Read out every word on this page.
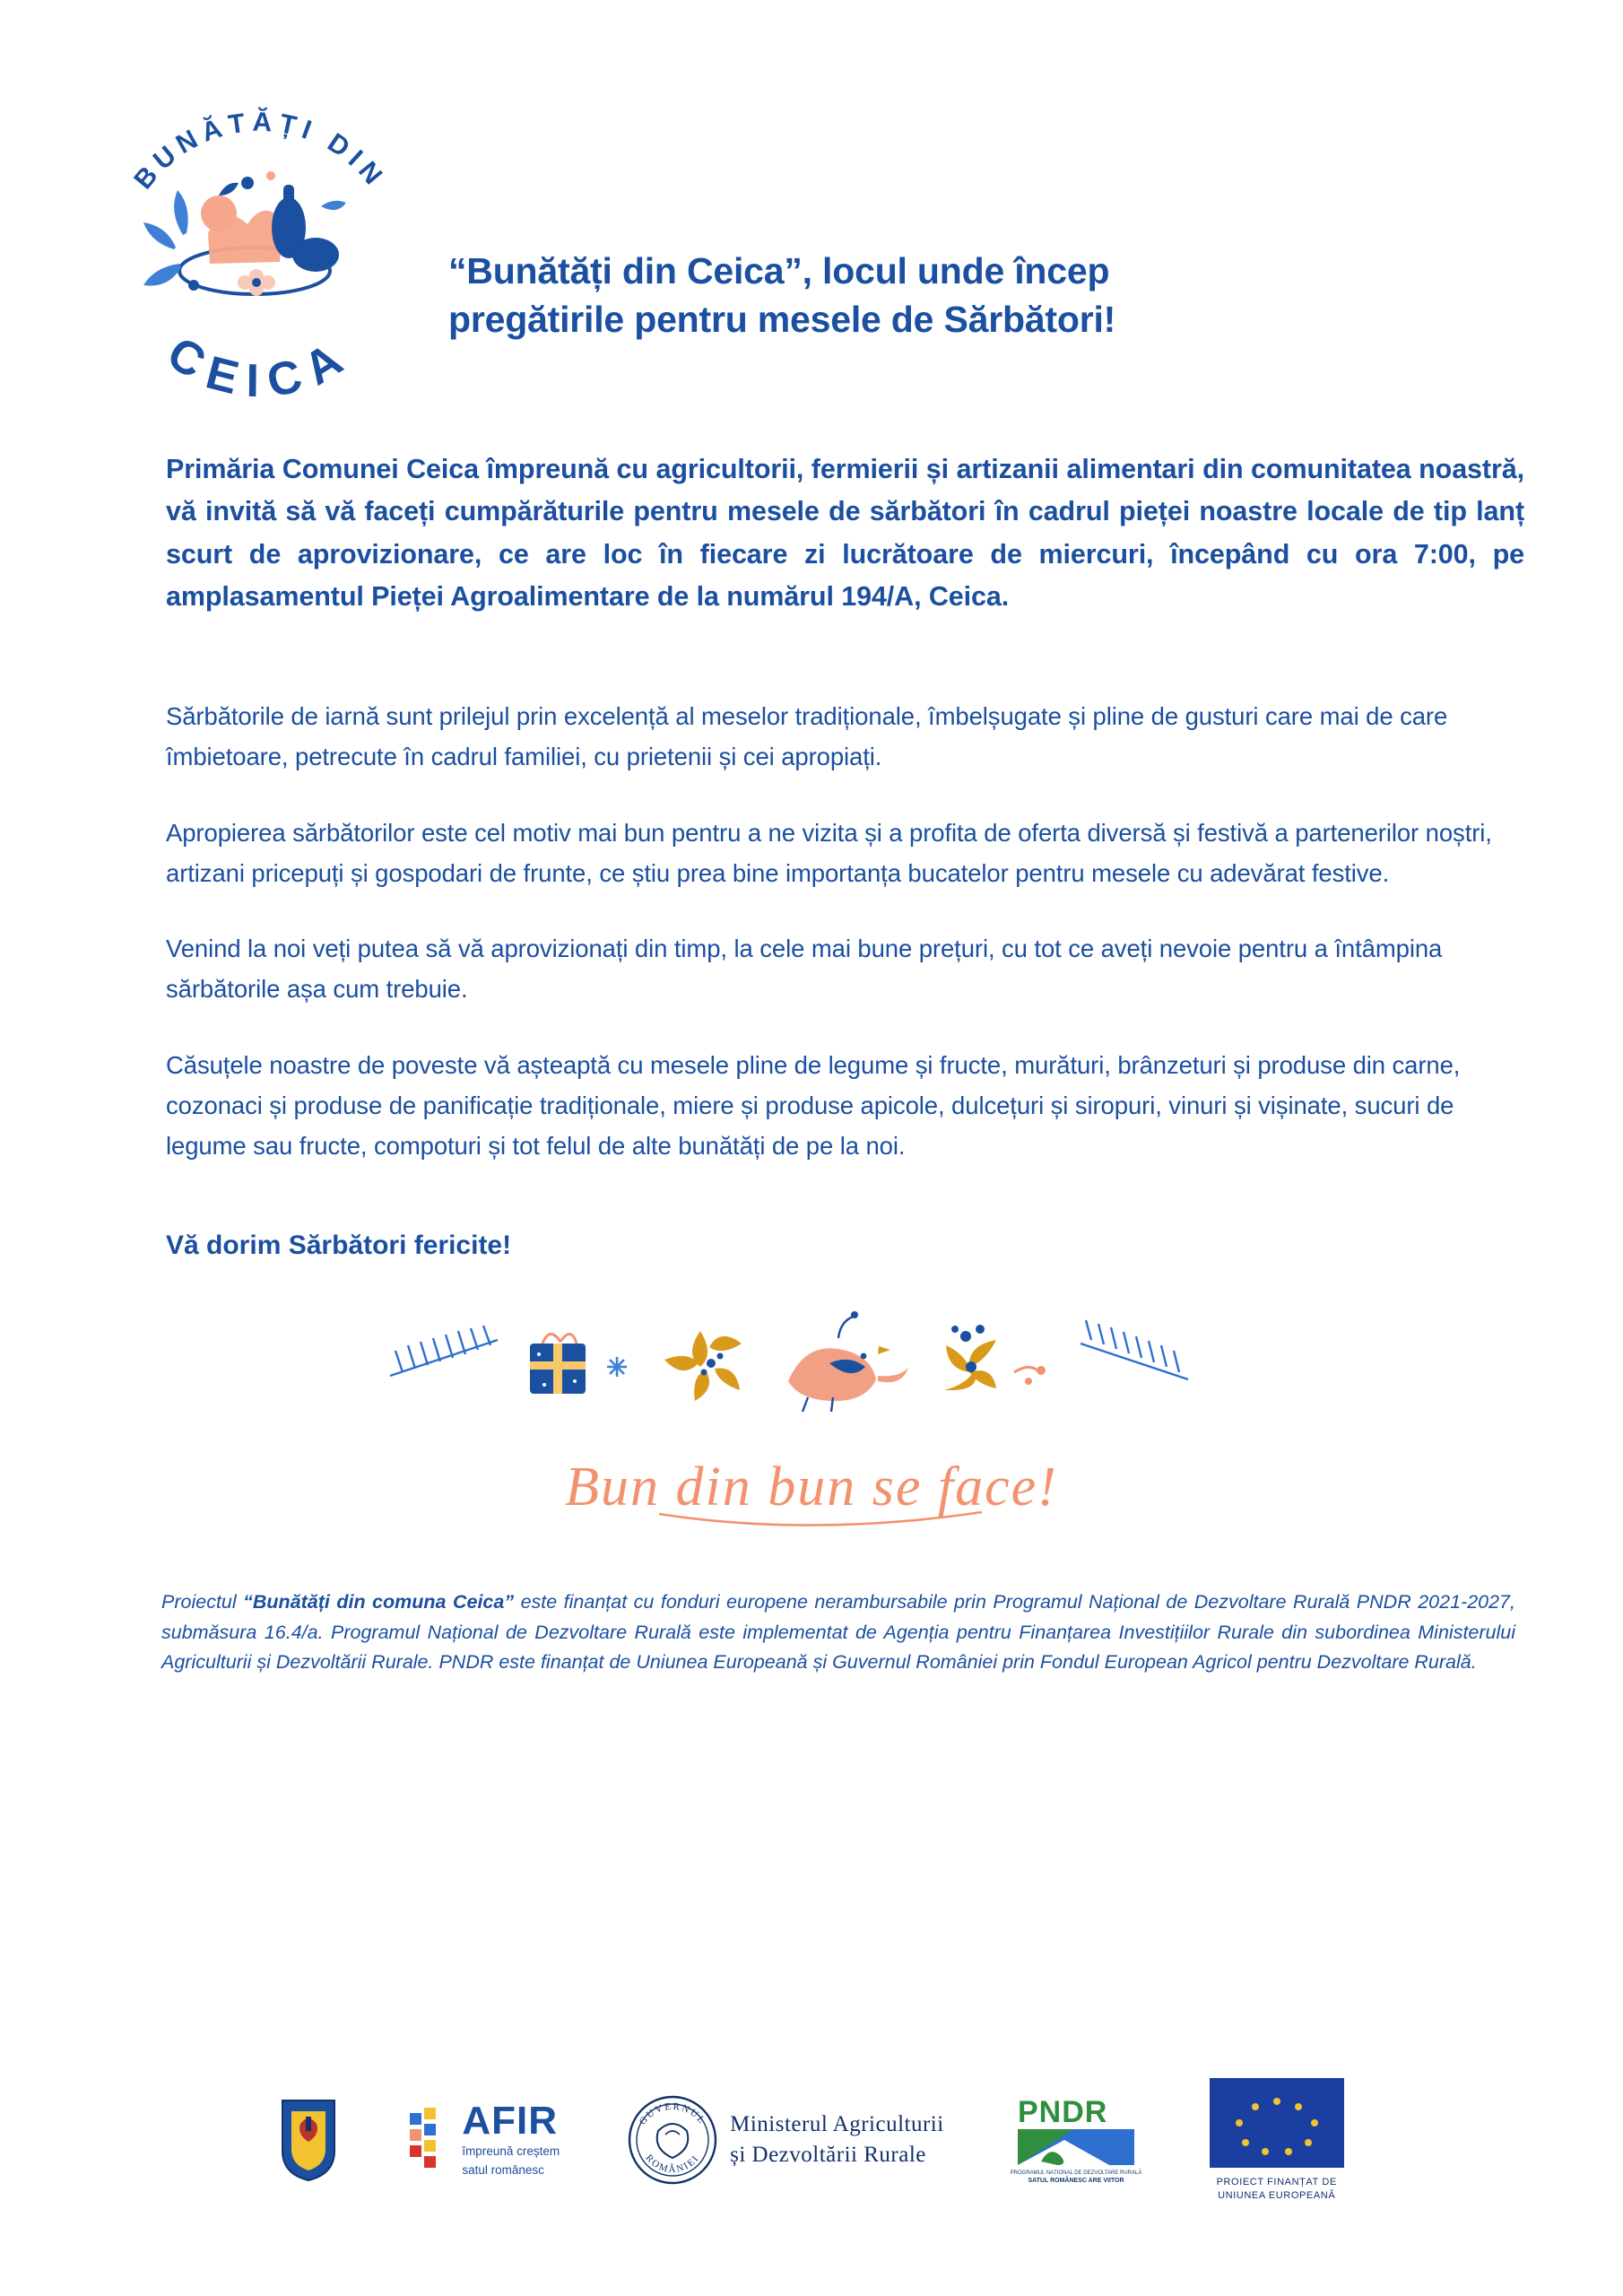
BUNĂTĂȚI DIN
CEICA
“Bunătăți din Ceica”, locul unde încep
pregătirile pentru mesele de Sărbători!

Primăria Comunei Ceica împreună cu agricultorii, fermierii și artizanii alimentari din comunitatea noastră, vă invită să vă faceți cumpărăturile pentru mesele de sărbători în cadrul pieței noastre locale de tip lanț scurt de aprovizionare, ce are loc în fiecare zi lucrătoare de miercuri, începând cu ora 7:00, pe amplasamentul Pieței Agroalimentare de la numărul 194/A, Ceica.

Sărbătorile de iarnă sunt prilejul prin excelență al meselor tradiționale, îmbelșugate și pline de gusturi care mai de care îmbietoare, petrecute în cadrul familiei, cu prietenii și cei apropiați.

Apropierea sărbătorilor este cel motiv mai bun pentru a ne vizita și a profita de oferta diversă și festivă a partenerilor noștri, artizani pricepuți și gospodari de frunte, ce știu prea bine importanța bucatelor pentru mesele cu adevărat festive.

Venind la noi veți putea să vă aprovizionați din timp, la cele mai bune prețuri, cu tot ce aveți nevoie pentru a întâmpina sărbătorile așa cum trebuie.

Căsuțele noastre de poveste vă așteaptă cu mesele pline de legume și fructe, murături, brânzeturi și produse din carne, cozonaci și produse de panificație tradiționale, miere și produse apicole, dulcețuri și siropuri, vinuri și vișinate, sucuri de legume sau fructe, compoturi și tot felul de alte bunătăți de pe la noi.

Vă dorim Sărbători fericite!
Bun din bun se face!

Proiectul “Bunătăți din comuna Ceica” este finanțat cu fonduri europene nerambursabile prin Programul Național de Dezvoltare Rurală PNDR 2021-2027, submăsura 16.4/a. Programul Național de Dezvoltare Rurală este implementat de Agenția pentru Finanțarea Investițiilor Rurale din subordinea Ministerului Agriculturii și Dezvoltării Rurale. PNDR este finanțat de Uniunea Europeană și Guvernul României prin Fondul European Agricol pentru Dezvoltare Rurală.

AFIR
împreună creștem
satul românesc
GUVERNUL
ROMÂNIEI
Ministerul Agriculturii
și Dezvoltării Rurale
PNDR
PROGRAMUL NAȚIONAL DE DEZVOLTARE RURALĂ
SATUL ROMÂNESC ARE VIITOR	PROIECT FINANȚAT DE
UNIUNEA EUROPEANĂ
